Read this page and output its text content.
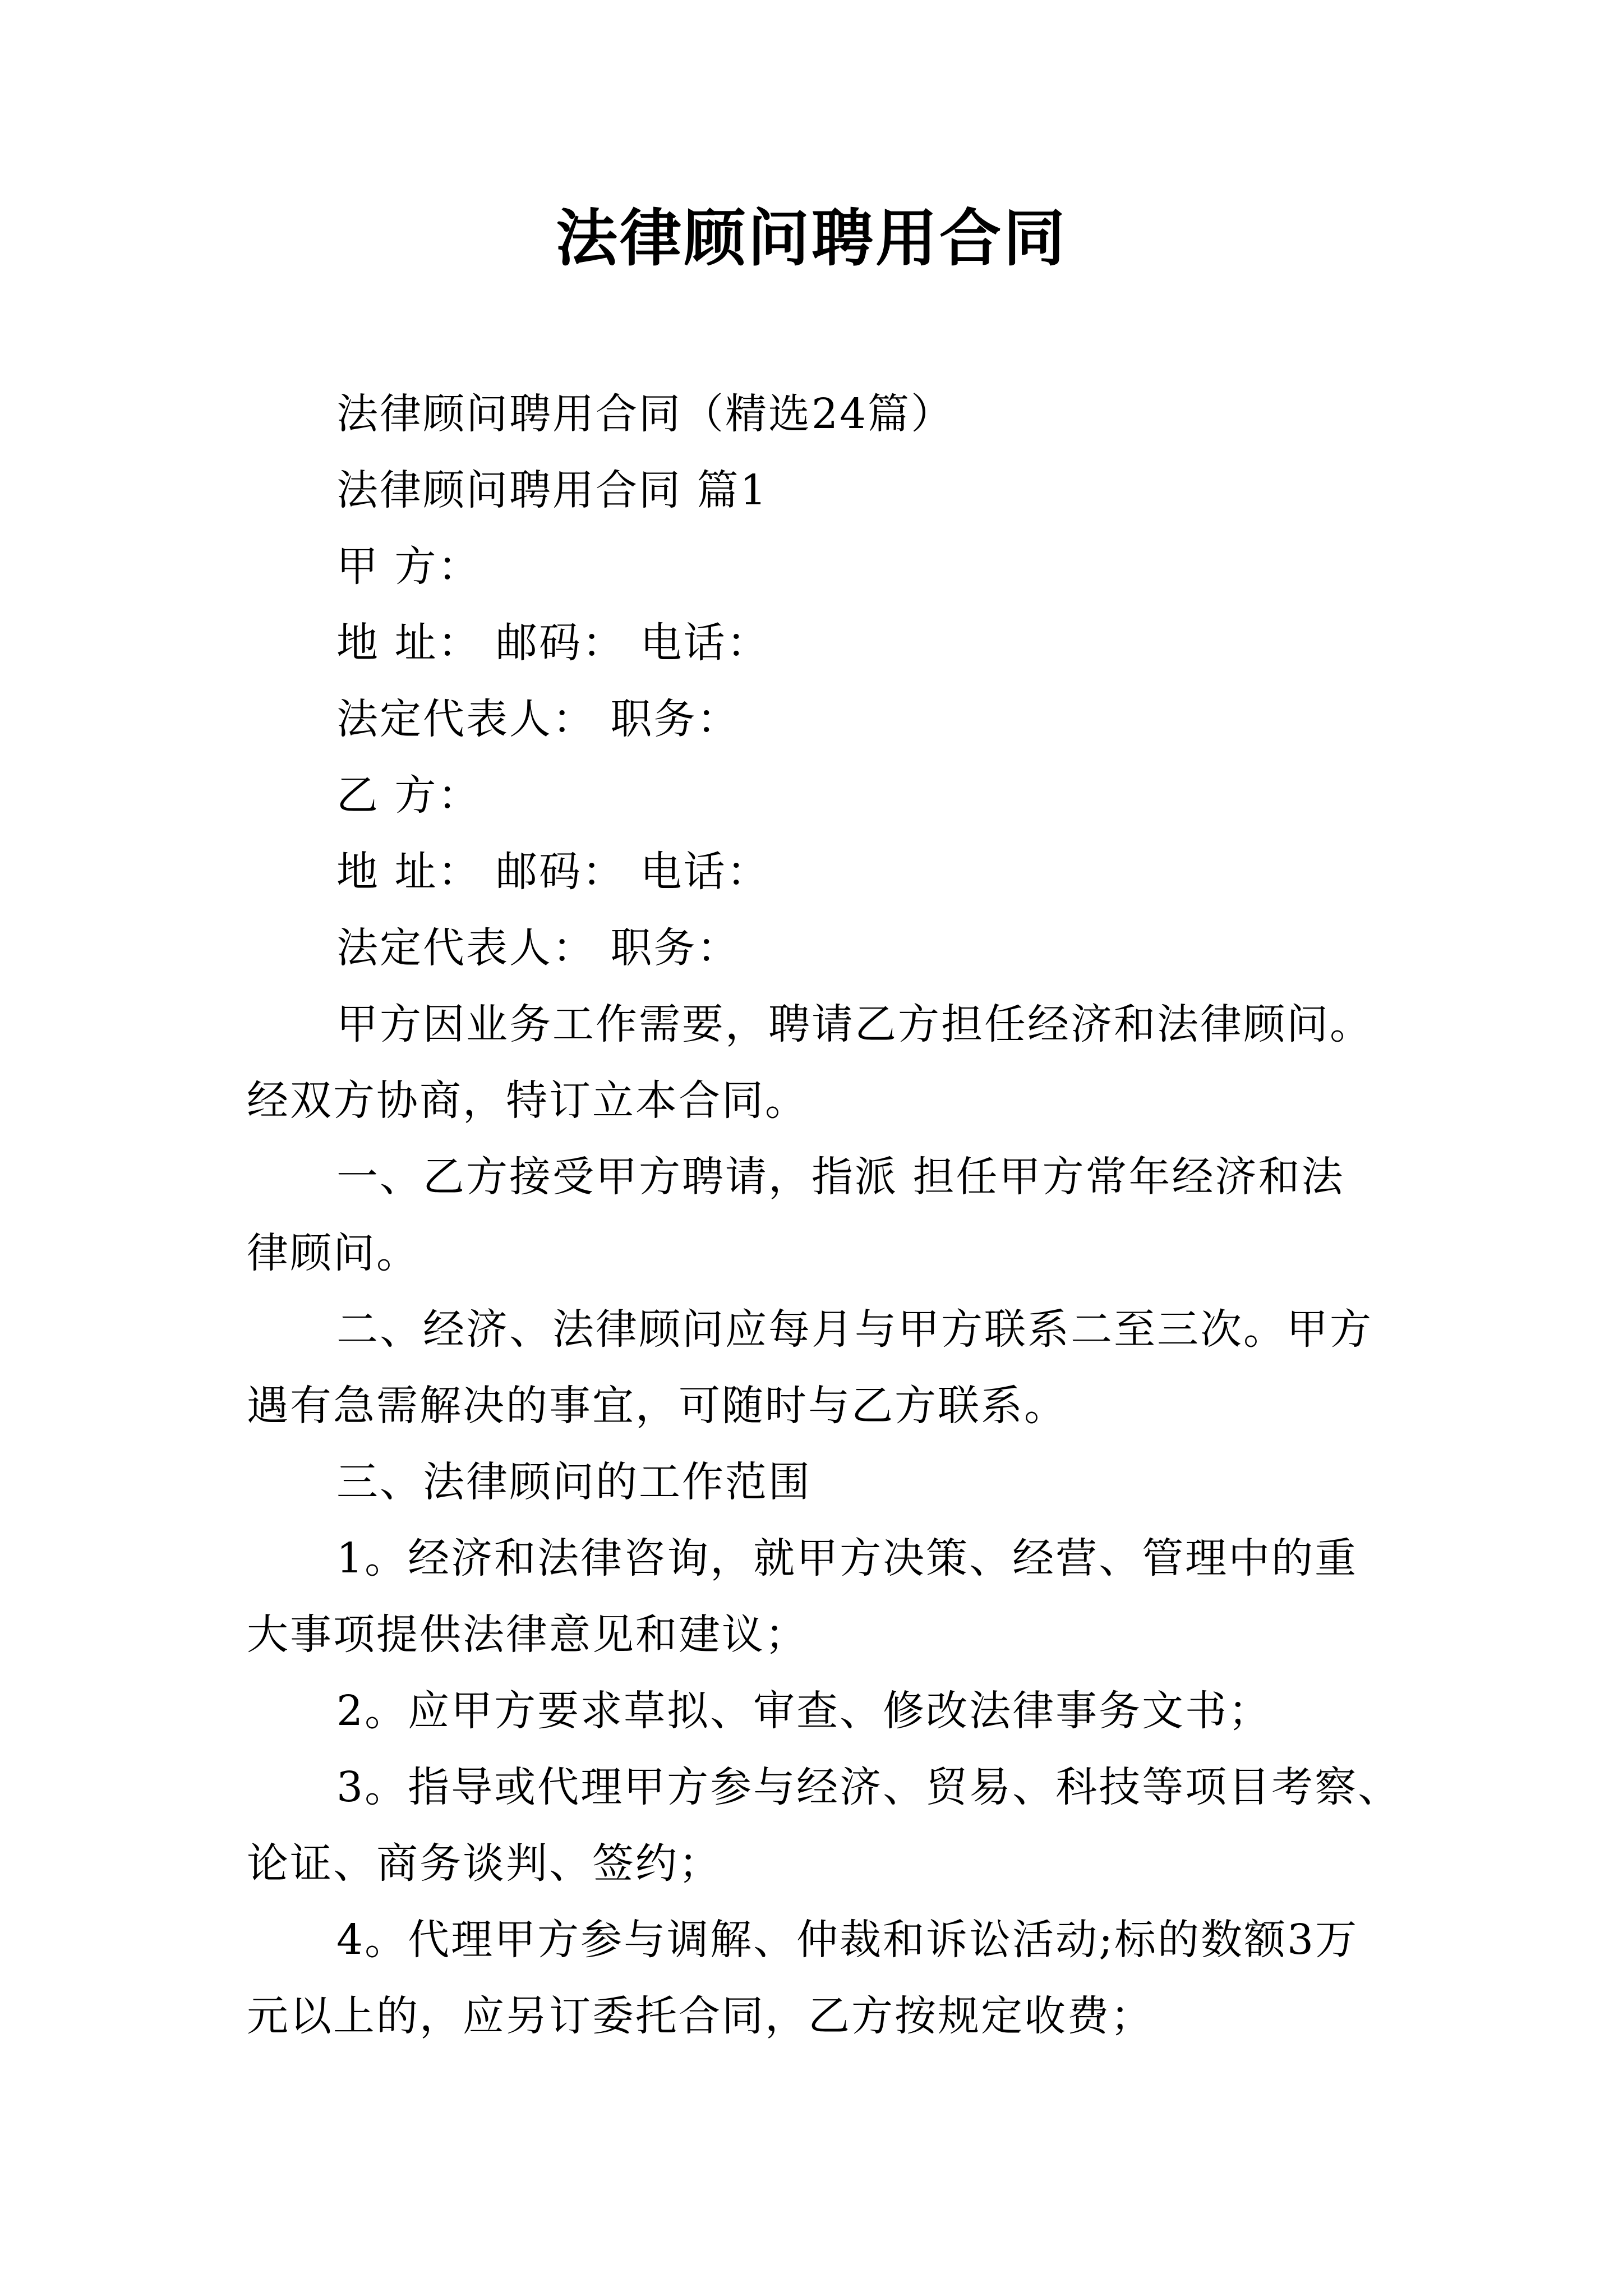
法律顾问聘用合同
法律顾问聘用合同（精选24篇）
法律顾问聘用合同 篇1
甲 方：
地 址： 邮码： 电话：
法定代表人： 职务：
乙 方：
地 址： 邮码： 电话：
法定代表人： 职务：
甲方因业务工作需要，聘请乙方担任经济和法律顾问。
经双方协商，特订立本合同。
一、乙方接受甲方聘请，指派 担任甲方常年经济和法
律顾问。
二、经济、法律顾问应每月与甲方联系二至三次。甲方
遇有急需解决的事宜，可随时与乙方联系。
三、法律顾问的工作范围
1。经济和法律咨询，就甲方决策、经营、管理中的重
大事项提供法律意见和建议；
2。应甲方要求草拟、审查、修改法律事务文书；
3。指导或代理甲方参与经济、贸易、科技等项目考察、
论证、商务谈判、签约；
4。代理甲方参与调解、仲裁和诉讼活动;标的数额3万
元以上的，应另订委托合同，乙方按规定收费；
